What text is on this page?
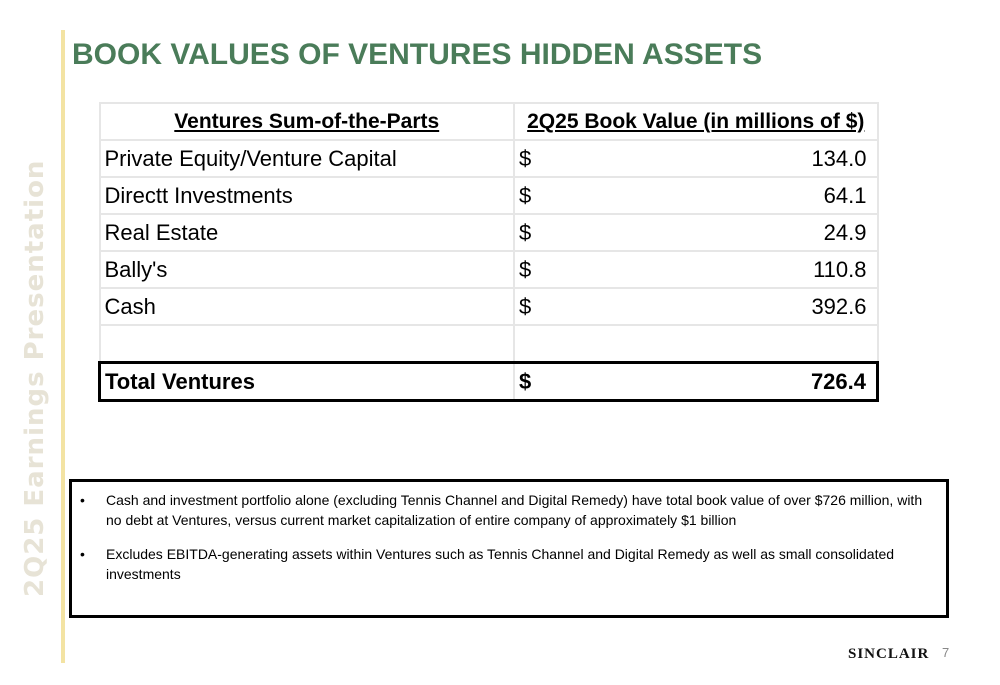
2Q25 Earnings Presentation
BOOK VALUES OF VENTURES HIDDEN ASSETS
Ventures Sum-of-the-Parts	2Q25 Book Value (in millions of $)
Private Equity/Venture Capital	$ 134.0

Directt Investments	$ 64.1

Real Estate	$ 24.9

Bally's	$ 110.8

Cash	$ 392.6

Total Ventures	$ 726.4
• Cash and investment portfolio alone (excluding Tennis Channel and Digital Remedy) have total book value of over $726 million, with no debt at Ventures, versus current market capitalization of entire company of approximately $1 billion
• Excludes EBITDA-generating assets within Ventures such as Tennis Channel and Digital Remedy as well as small consolidated investments
SINCLAIR 7
